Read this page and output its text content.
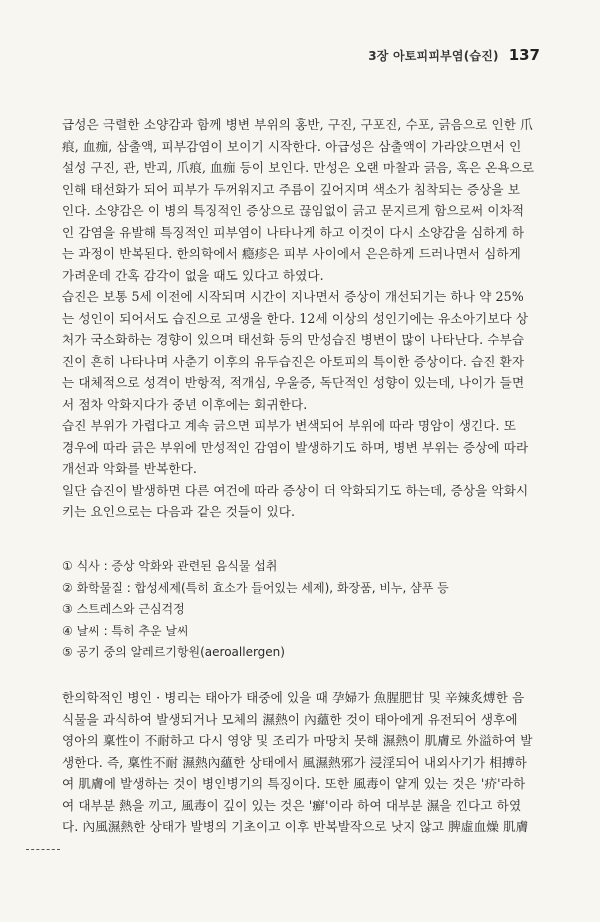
3장 아토피피부염(습진) 137
급성은 극렬한 소양감과 함께 병변 부위의 홍반, 구진, 구포진, 수포, 긁음으로 인한 爪
痕, 血痂, 삼출액, 피부감염이 보이기 시작한다. 아급성은 삼출액이 가라앉으면서 인
설성 구진, 관, 반괴, 爪痕, 血痂 등이 보인다. 만성은 오랜 마찰과 긁음, 혹은 온욕으로
인해 태선화가 되어 피부가 두꺼워지고 주름이 깊어지며 색소가 침착되는 증상을 보
인다. 소양감은 이 병의 특징적인 증상으로 끊임없이 긁고 문지르게 함으로써 이차적
인 감염을 유발해 특징적인 피부염이 나타나게 하고 이것이 다시 소양감을 심하게 하
는 과정이 반복된다. 한의학에서 瘾疹은 피부 사이에서 은은하게 드러나면서 심하게
가려운데 간혹 감각이 없을 때도 있다고 하였다.
습진은 보통 5세 이전에 시작되며 시간이 지나면서 증상이 개선되기는 하나 약 25%
는 성인이 되어서도 습진으로 고생을 한다. 12세 이상의 성인기에는 유소아기보다 상
처가 국소화하는 경향이 있으며 태선화 등의 만성습진 병변이 많이 나타난다. 수부습
진이 흔히 나타나며 사춘기 이후의 유두습진은 아토피의 특이한 증상이다. 습진 환자
는 대체적으로 성격이 반항적, 적개심, 우울증, 독단적인 성향이 있는데, 나이가 들면
서 점차 악화지다가 중년 이후에는 회귀한다.
습진 부위가 가렵다고 계속 긁으면 피부가 변색되어 부위에 따라 명암이 생긴다. 또
경우에 따라 긁은 부위에 만성적인 감염이 발생하기도 하며, 병변 부위는 증상에 따라
개선과 악화를 반복한다.
일단 습진이 발생하면 다른 여건에 따라 증상이 더 악화되기도 하는데, 증상을 악화시
키는 요인으로는 다음과 같은 것들이 있다.
① 식사 : 증상 악화와 관련된 음식물 섭취
② 화학물질 : 합성세제(특히 효소가 들어있는 세제), 화장품, 비누, 샴푸 등
③ 스트레스와 근심걱정
④ 날씨 : 특히 추운 날씨
⑤ 공기 중의 알레르기항원(aeroallergen)
한의학적인 병인 · 병리는 태아가 태중에 있을 때 孕婦가 魚腥肥甘 및 辛辣炙煿한 음
식물을 과식하여 발생되거나 모체의 濕熱이 內蘊한 것이 태아에게 유전되어 생후에
영아의 稟性이 不耐하고 다시 영양 및 조리가 마땅치 못해 濕熱이 肌膚로 外溢하여 발
생한다. 즉, 稟性不耐 濕熱內蘊한 상태에서 風濕熱邪가 浸淫되어 내외사기가 相搏하
여 肌膚에 발생하는 것이 병인병기의 특징이다. 또한 風毒이 얕게 있는 것은 '疥'라하
여 대부분 熱을 끼고, 風毒이 깊이 있는 것은 '癬'이라 하여 대부분 濕을 낀다고 하였
다. 內風濕熱한 상태가 발병의 기초이고 이후 반복발작으로 낫지 않고 脾虛血燥 肌膚
